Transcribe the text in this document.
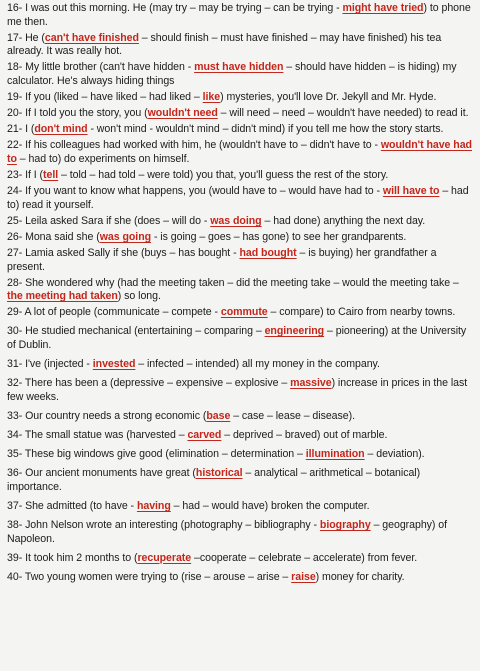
16- I was out this morning. He (may try – may be trying – can be trying - might have tried) to phone me then.
17- He (can't have finished – should finish – must have finished – may have finished) his tea already. It was really hot.
18- My little brother (can't have hidden - must have hidden – should have hidden – is hiding) my calculator. He's always hiding things
19- If you (liked – have liked – had liked – like) mysteries, you'll love Dr. Jekyll and Mr. Hyde.
20- If I told you the story, you (wouldn't need – will need – need – wouldn't have needed) to read it.
21- I (don't mind - won't mind - wouldn't mind – didn't mind) if you tell me how the story starts.
22- If his colleagues had worked with him, he (wouldn't have to – didn't have to - wouldn't have had to – had to) do experiments on himself.
23- If I (tell – told – had told – were told) you that, you'll guess the rest of the story.
24- If you want to know what happens, you (would have to – would have had to - will have to – had to) read it yourself.
25- Leila asked Sara if she (does – will do - was doing – had done) anything the next day.
26- Mona said she (was going - is going – goes – has gone) to see her grandparents.
27- Lamia asked Sally if she (buys – has bought - had bought – is buying) her grandfather a present.
28- She wondered why (had the meeting taken – did the meeting take – would the meeting take – the meeting had taken) so long.
29- A lot of people (communicate – compete - commute – compare) to Cairo from nearby towns.
30- He studied mechanical (entertaining – comparing – engineering – pioneering) at the University of Dublin.
31- I've (injected - invested – infected – intended) all my money in the company.
32- There has been a (depressive – expensive – explosive – massive) increase in prices in the last few weeks.
33- Our country needs a strong economic (base – case – lease – disease).
34- The small statue was (harvested – carved – deprived – braved) out of marble.
35- These big windows give good (elimination – determination – illumination – deviation).
36- Our ancient monuments have great (historical – analytical – arithmetical – botanical) importance.
37- She admitted (to have - having – had – would have) broken the computer.
38- John Nelson wrote an interesting (photography – bibliography - biography – geography) of Napoleon.
39- It took him 2 months to (recuperate –cooperate – celebrate – accelerate) from fever.
40- Two young women were trying to (rise – arouse – arise – raise) money for charity.
